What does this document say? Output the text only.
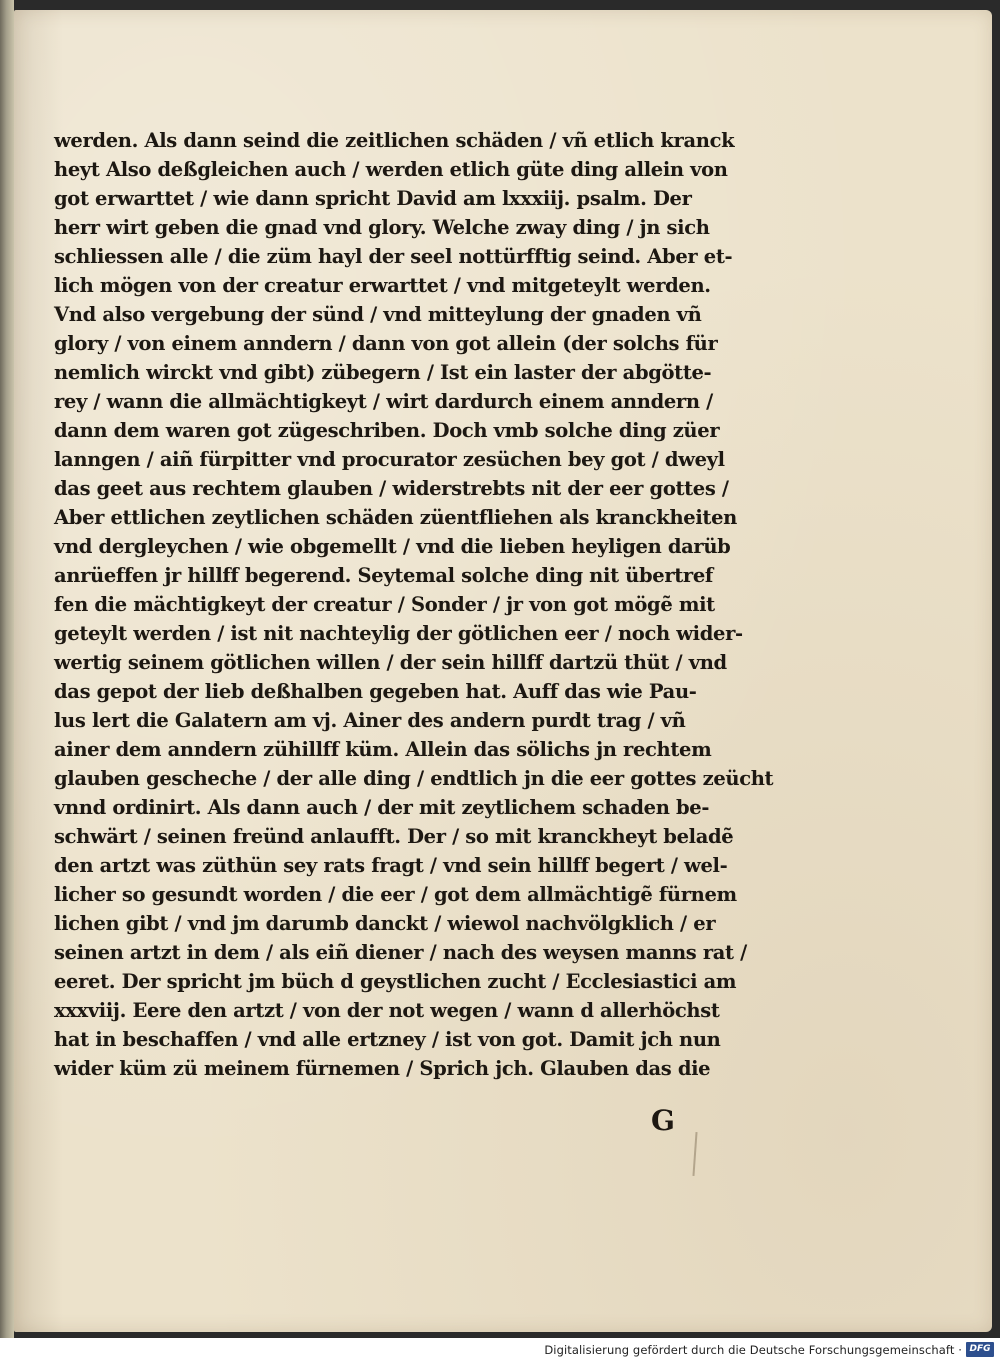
werden. Als dann seind die zeitlichen schäden / vñ etlich kranck
heyt Also deßgleichen auch / werden etlich güte ding allein von
got erwarttet / wie dann spricht David am lxxxiij. psalm. Der
herr wirt geben die gnad vnd glory. Welche zway ding / jn sich
schliessen alle / die züm hayl der seel nottürfftig seind. Aber et-
lich mögen von der creatur erwarttet / vnd mitgeteylt werden.
Vnd also vergebung der sünd / vnd mitteylung der gnaden vñ
glory / von einem anndern / dann von got allein (der solchs für
nemlich wirckt vnd gibt) zübegern / Ist ein laster der abgötte-
rey / wann die allmächtigkeyt / wirt dardurch einem anndern /
dann dem waren got zügeschriben. Doch vmb solche ding züer
lanngen / aiñ fürpitter vnd procurator zesüchen bey got / dweyl
das geet aus rechtem glauben / widerstrebts nit der eer gottes /
Aber ettlichen zeytlichen schäden züentfliehen als kranckheiten
vnd dergleychen / wie obgemellt / vnd die lieben heyligen darüb
anrüeffen jr hillff begerend. Seytemal solche ding nit übertref
fen die mächtigkeyt der creatur / Sonder / jr von got mögẽ mit
geteylt werden / ist nit nachteylig der götlichen eer / noch wider-
wertig seinem götlichen willen / der sein hillff dartzü thüt / vnd
das gepot der lieb deßhalben gegeben hat. Auff das wie Pau-
lus lert die Galatern am vj. Ainer des andern purdt trag / vñ
ainer dem anndern zühillff küm. Allein das sölichs jn rechtem
glauben gescheche / der alle ding / endtlich jn die eer gottes zeücht
vnnd ordinirt. Als dann auch / der mit zeytlichem schaden be-
schwärt / seinen freünd anlaufft. Der / so mit kranckheyt beladẽ
den artzt was züthün sey rats fragt / vnd sein hillff begert / wel-
licher so gesundt worden / die eer / got dem allmächtigẽ fürnem
lichen gibt / vnd jm darumb danckt / wiewol nachvölgklich / er
seinen artzt in dem / als eiñ diener / nach des weysen manns rat /
eeret. Der spricht jm büch d geystlichen zucht / Ecclesiastici am
xxxviij. Eere den artzt / von der not wegen / wann d allerhöchst
hat in beschaffen / vnd alle ertzney / ist von got. Damit jch nun
wider küm zü meinem fürnemen / Sprich jch. Glauben das die
G
Digitalisierung gefördert durch die Deutsche Forschungsgemeinschaft · DFG
